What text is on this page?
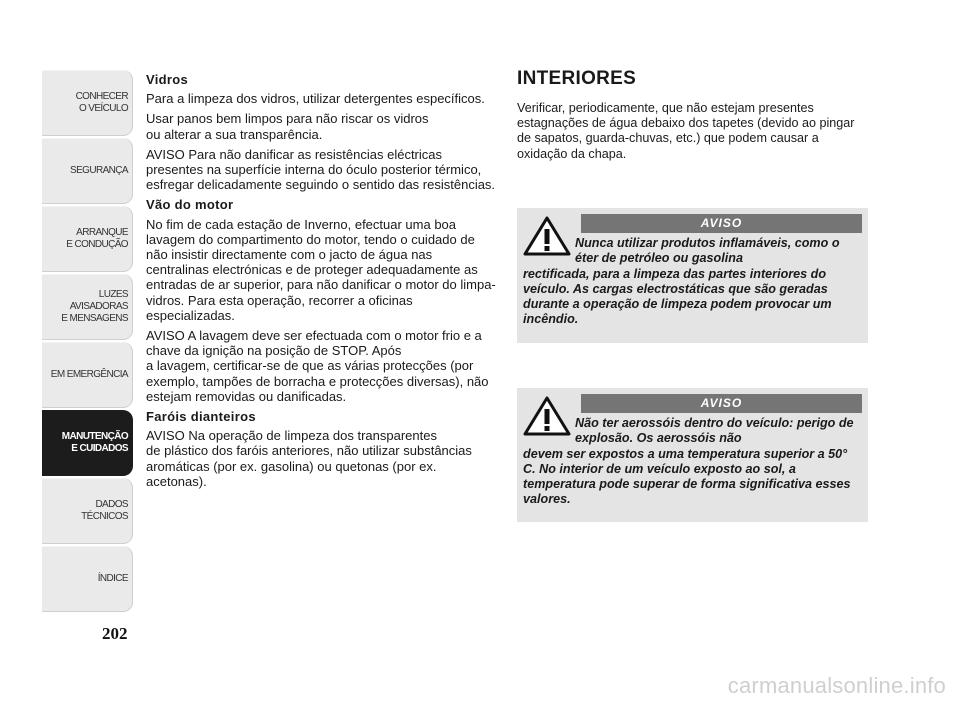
CONHECER
O VEÍCULO
SEGURANÇA
ARRANQUE
E CONDUÇÃO
LUZES
AVISADORAS
E MENSAGENS
EM EMERGÊNCIA
MANUTENÇÃO
E CUIDADOS
DADOS
TÉCNICOS
ÍNDICE
202
Vidros

Para a limpeza dos vidros, utilizar detergentes específicos.

Usar panos bem limpos para não riscar os vidros
ou alterar a sua transparência.

AVISO Para não danificar as resistências eléctricas presentes na superfície interna do óculo posterior térmico, esfregar delicadamente seguindo o sentido das resistências.

Vão do motor

No fim de cada estação de Inverno, efectuar uma boa lavagem do compartimento do motor, tendo o cuidado de não insistir directamente com o jacto de água nas centralinas electrónicas e de proteger adequadamente as entradas de ar superior, para não danificar o motor do limpa-vidros. Para esta operação, recorrer a oficinas especializadas.

AVISO A lavagem deve ser efectuada com o motor frio e a chave da ignição na posição de STOP. Após
a lavagem, certificar-se de que as várias protecções (por exemplo, tampões de borracha e protecções diversas), não estejam removidas ou danificadas.

Faróis dianteiros

AVISO Na operação de limpeza dos transparentes
de plástico dos faróis anteriores, não utilizar substâncias aromáticas (por ex. gasolina) ou quetonas (por ex. acetonas).

INTERIORES

Verificar, periodicamente, que não estejam presentes estagnações de água debaixo dos tapetes (devido ao pingar de sapatos, guarda-chuvas, etc.) que podem causar a oxidação da chapa.

AVISO
Nunca utilizar produtos inflamáveis, como o éter de petróleo ou gasolina
rectificada, para a limpeza das partes interiores do veículo. As cargas electrostáticas que são geradas durante a operação de limpeza podem provocar um incêndio.
AVISO
Não ter aerossóis dentro do veículo: perigo de explosão. Os aerossóis não
devem ser expostos a uma temperatura superior a 50° C. No interior de um veículo exposto ao sol, a temperatura pode superar de forma significativa esses valores.
carmanualsonline.info
